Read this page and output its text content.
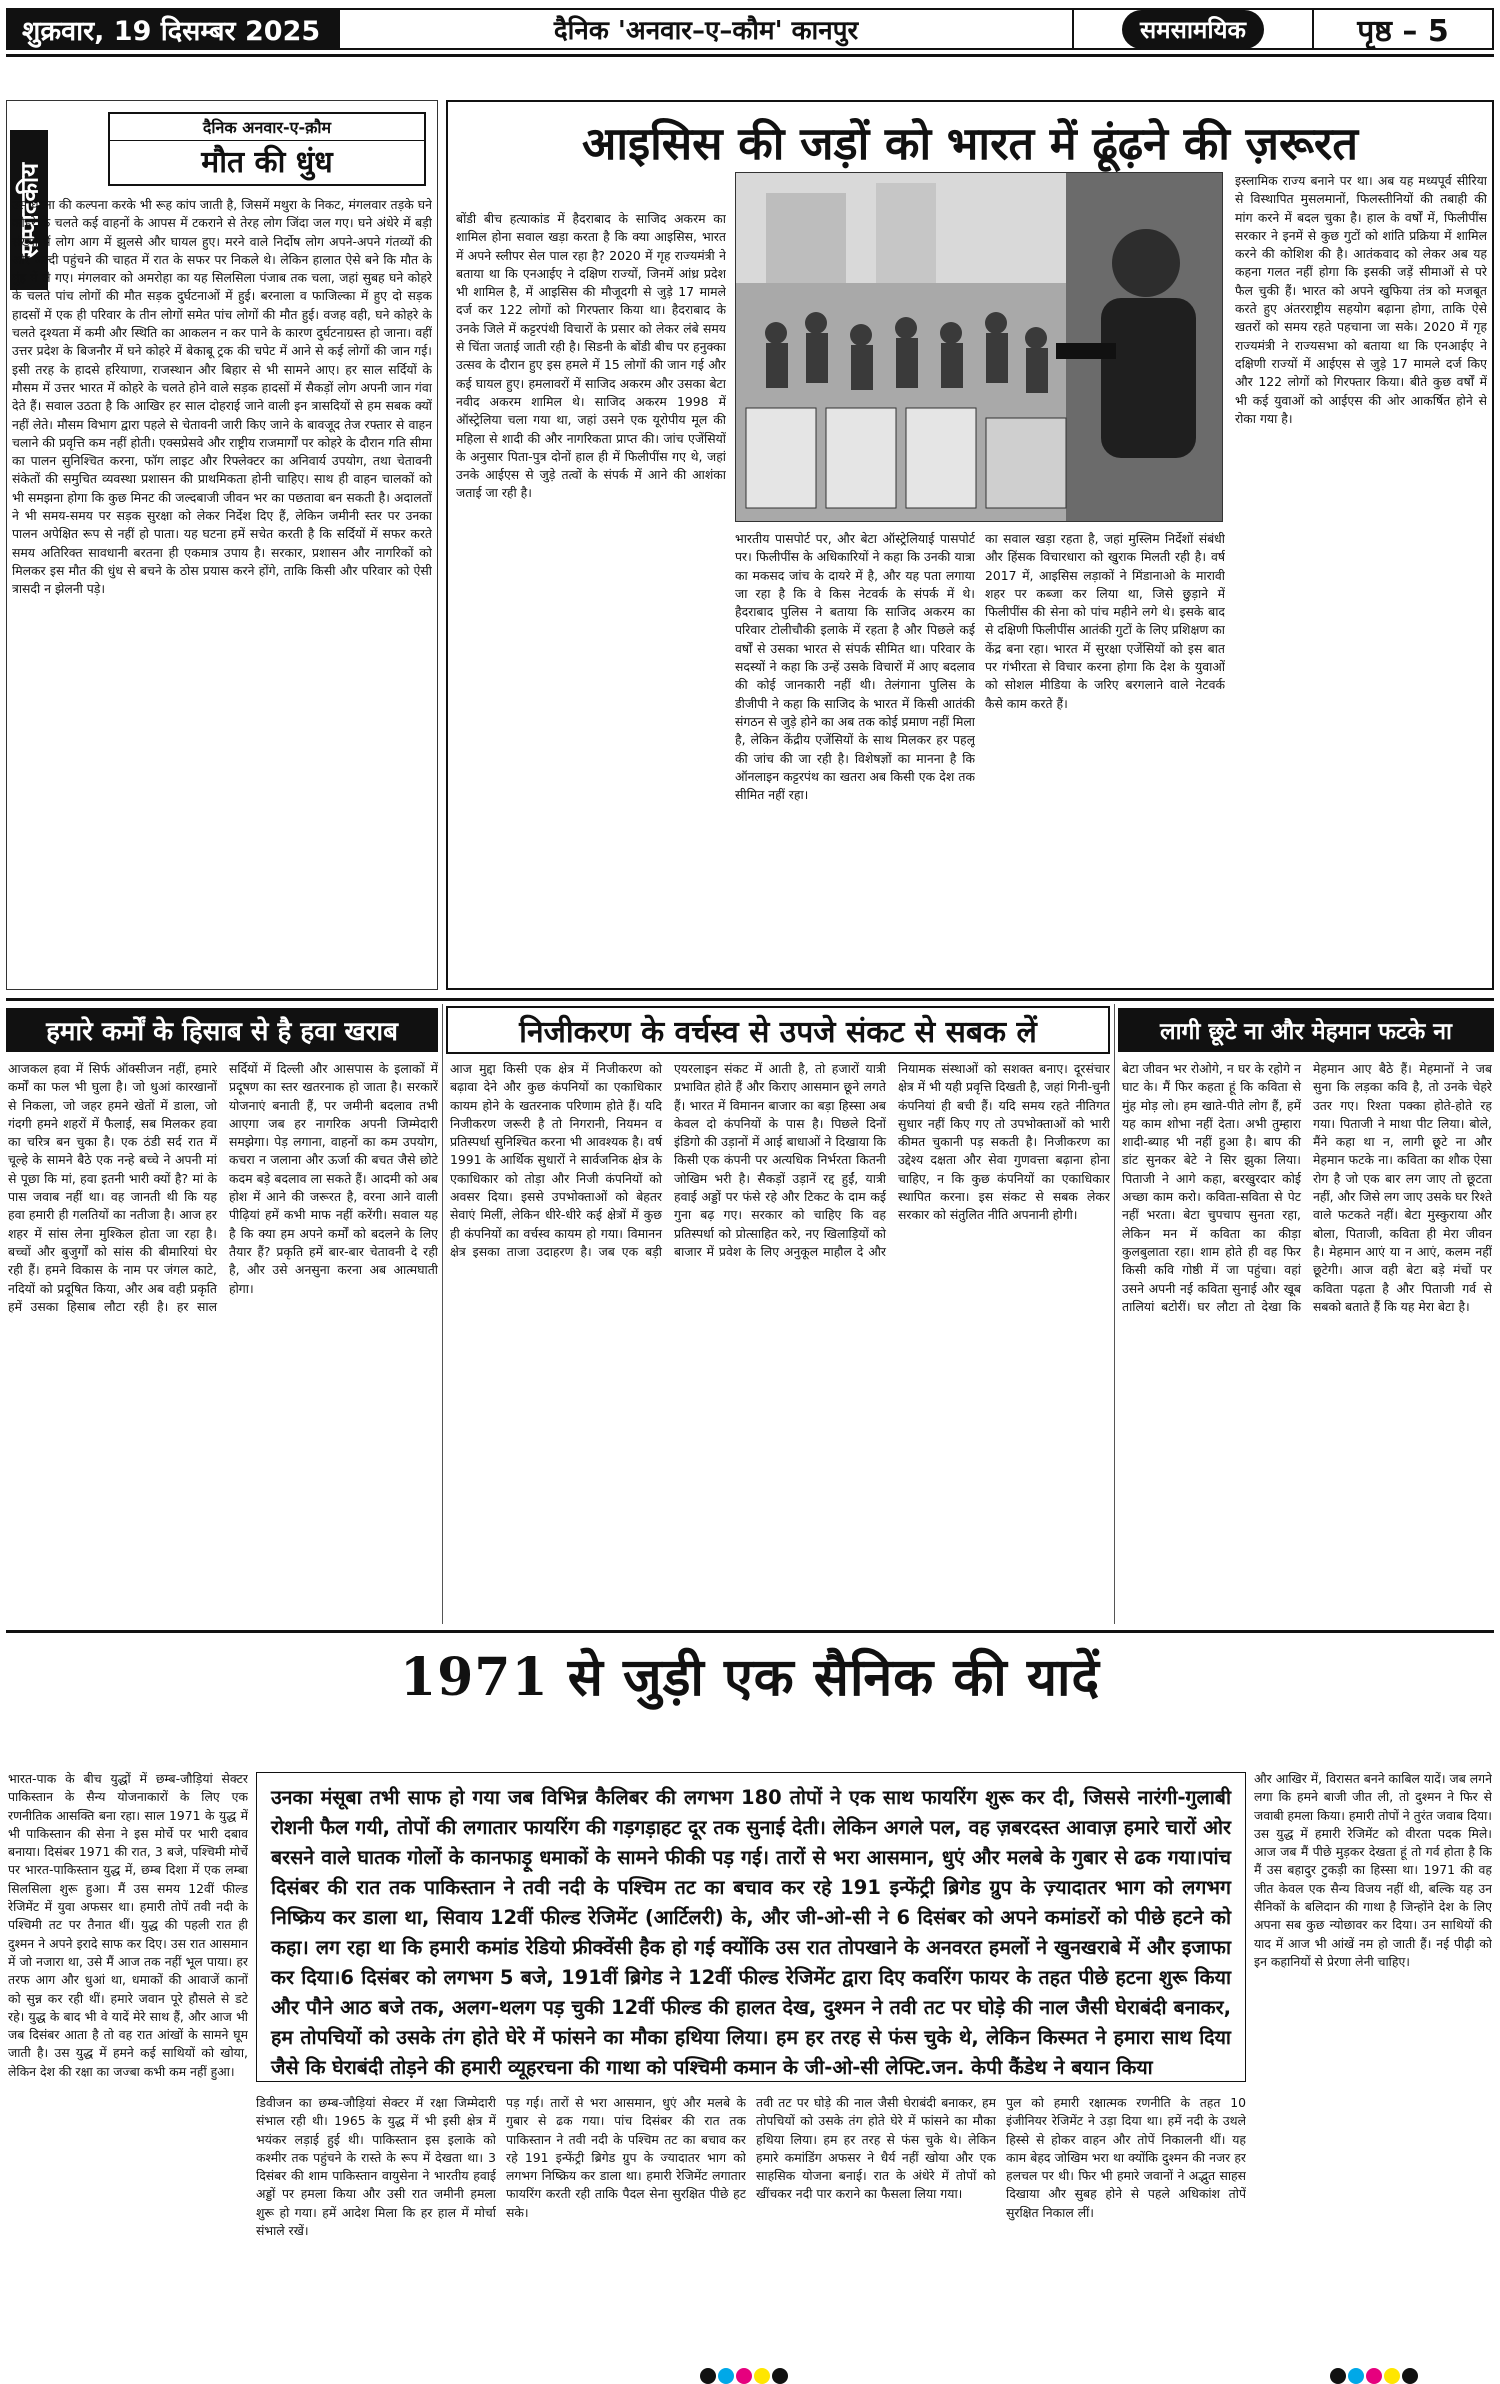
शुक्रवार, 19 दिसम्बर 2025	दैनिक 'अनवार–ए–कौम' कानपुर	समसामयिक	पृष्ठ – 5
सम्पादकीय
दैनिक अनवार-ए-क़ौम
मौत की धुंध
उस घटना की कल्पना करके भी रूह कांप जाती है, जिसमें मथुरा के निकट, मंगलवार तड़के घने कोहरे के चलते कई वाहनों के आपस में टकराने से तेरह लोग जिंदा जल गए। घने अंधेरे में बड़ी संख्या में लोग आग में झुलसे और घायल हुए। मरने वाले निर्दोष लोग अपने-अपने गंतव्यों की ओर जल्दी पहुंचने की चाहत में रात के सफर पर निकले थे। लेकिन हालात ऐसे बने कि मौत के मुंह में ले गए। मंगलवार को अमरोहा का यह सिलसिला पंजाब तक चला, जहां सुबह घने कोहरे के चलते पांच लोगों की मौत सड़क दुर्घटनाओं में हुई। बरनाला व फाजिल्का में हुए दो सड़क हादसों में एक ही परिवार के तीन लोगों समेत पांच लोगों की मौत हुई। वजह वही, घने कोहरे के चलते दृश्यता में कमी और स्थिति का आकलन न कर पाने के कारण दुर्घटनाग्रस्त हो जाना। वहीं उत्तर प्रदेश के बिजनौर में घने कोहरे में बेकाबू ट्रक की चपेट में आने से कई लोगों की जान गई। इसी तरह के हादसे हरियाणा, राजस्थान और बिहार से भी सामने आए। हर साल सर्दियों के मौसम में उत्तर भारत में कोहरे के चलते होने वाले सड़क हादसों में सैकड़ों लोग अपनी जान गंवा देते हैं। सवाल उठता है कि आखिर हर साल दोहराई जाने वाली इन त्रासदियों से हम सबक क्यों नहीं लेते। मौसम विभाग द्वारा पहले से चेतावनी जारी किए जाने के बावजूद तेज रफ्तार से वाहन चलाने की प्रवृत्ति कम नहीं होती। एक्सप्रेसवे और राष्ट्रीय राजमार्गों पर कोहरे के दौरान गति सीमा का पालन सुनिश्चित करना, फॉग लाइट और रिफ्लेक्टर का अनिवार्य उपयोग, तथा चेतावनी संकेतों की समुचित व्यवस्था प्रशासन की प्राथमिकता होनी चाहिए। साथ ही वाहन चालकों को भी समझना होगा कि कुछ मिनट की जल्दबाजी जीवन भर का पछतावा बन सकती है। अदालतों ने भी समय-समय पर सड़क सुरक्षा को लेकर निर्देश दिए हैं, लेकिन जमीनी स्तर पर उनका पालन अपेक्षित रूप से नहीं हो पाता। यह घटना हमें सचेत करती है कि सर्दियों में सफर करते समय अतिरिक्त सावधानी बरतना ही एकमात्र उपाय है। सरकार, प्रशासन और नागरिकों को मिलकर इस मौत की धुंध से बचने के ठोस प्रयास करने होंगे, ताकि किसी और परिवार को ऐसी त्रासदी न झेलनी पड़े।
आइसिस की जड़ों को भारत में ढूंढ़ने की ज़रूरत
बोंडी बीच हत्याकांड में हैदराबाद के साजिद अकरम का शामिल होना सवाल खड़ा करता है कि क्या आइसिस, भारत में अपने स्लीपर सेल पाल रहा है? 2020 में गृह राज्यमंत्री ने बताया था कि एनआईए ने दक्षिण राज्यों, जिनमें आंध्र प्रदेश भी शामिल है, में आइसिस की मौजूदगी से जुड़े 17 मामले दर्ज कर 122 लोगों को गिरफ्तार किया था। हैदराबाद के उनके जिले में कट्टरपंथी विचारों के प्रसार को लेकर लंबे समय से चिंता जताई जाती रही है। सिडनी के बोंडी बीच पर हनुक्का उत्सव के दौरान हुए इस हमले में 15 लोगों की जान गई और कई घायल हुए। हमलावरों में साजिद अकरम और उसका बेटा नवीद अकरम शामिल थे। साजिद अकरम 1998 में ऑस्ट्रेलिया चला गया था, जहां उसने एक यूरोपीय मूल की महिला से शादी की और नागरिकता प्राप्त की। जांच एजेंसियों के अनुसार पिता-पुत्र दोनों हाल ही में फिलीपींस गए थे, जहां उनके आईएस से जुड़े तत्वों के संपर्क में आने की आशंका जताई जा रही है।
भारतीय पासपोर्ट पर, और बेटा ऑस्ट्रेलियाई पासपोर्ट पर। फिलीपींस के अधिकारियों ने कहा कि उनकी यात्रा का मकसद जांच के दायरे में है, और यह पता लगाया जा रहा है कि वे किस नेटवर्क के संपर्क में थे। हैदराबाद पुलिस ने बताया कि साजिद अकरम का परिवार टोलीचौकी इलाके में रहता है और पिछले कई वर्षों से उसका भारत से संपर्क सीमित था। परिवार के सदस्यों ने कहा कि उन्हें उसके विचारों में आए बदलाव की कोई जानकारी नहीं थी। तेलंगाना पुलिस के डीजीपी ने कहा कि साजिद के भारत में किसी आतंकी संगठन से जुड़े होने का अब तक कोई प्रमाण नहीं मिला है, लेकिन केंद्रीय एजेंसियों के साथ मिलकर हर पहलू की जांच की जा रही है। विशेषज्ञों का मानना है कि ऑनलाइन कट्टरपंथ का खतरा अब किसी एक देश तक सीमित नहीं रहा।
का सवाल खड़ा रहता है, जहां मुस्लिम निर्देशों संबंधी और हिंसक विचारधारा को खुराक मिलती रही है। वर्ष 2017 में, आइसिस लड़ाकों ने मिंडानाओ के मारावी शहर पर कब्जा कर लिया था, जिसे छुड़ाने में फिलीपींस की सेना को पांच महीने लगे थे। इसके बाद से दक्षिणी फिलीपींस आतंकी गुटों के लिए प्रशिक्षण का केंद्र बना रहा। भारत में सुरक्षा एजेंसियों को इस बात पर गंभीरता से विचार करना होगा कि देश के युवाओं को सोशल मीडिया के जरिए बरगलाने वाले नेटवर्क कैसे काम करते हैं।
इस्लामिक राज्य बनाने पर था। अब यह मध्यपूर्व सीरिया से विस्थापित मुसलमानों, फिलस्तीनियों की तबाही की मांग करने में बदल चुका है। हाल के वर्षों में, फिलीपींस सरकार ने इनमें से कुछ गुटों को शांति प्रक्रिया में शामिल करने की कोशिश की है। आतंकवाद को लेकर अब यह कहना गलत नहीं होगा कि इसकी जड़ें सीमाओं से परे फैल चुकी हैं। भारत को अपने खुफिया तंत्र को मजबूत करते हुए अंतरराष्ट्रीय सहयोग बढ़ाना होगा, ताकि ऐसे खतरों को समय रहते पहचाना जा सके। 2020 में गृह राज्यमंत्री ने राज्यसभा को बताया था कि एनआईए ने दक्षिणी राज्यों में आईएस से जुड़े 17 मामले दर्ज किए और 122 लोगों को गिरफ्तार किया। बीते कुछ वर्षों में भी कई युवाओं को आईएस की ओर आकर्षित होने से रोका गया है।
हमारे कर्मों के हिसाब से है हवा खराब	निजीकरण के वर्चस्व से उपजे संकट से सबक लें	लागी छूटे ना और मेहमान फटके ना
आजकल हवा में सिर्फ ऑक्सीजन नहीं, हमारे कर्मों का फल भी घुला है। जो धुआं कारखानों से निकला, जो जहर हमने खेतों में डाला, जो गंदगी हमने शहरों में फैलाई, सब मिलकर हवा का चरित्र बन चुका है। एक ठंडी सर्द रात में चूल्हे के सामने बैठे एक नन्हे बच्चे ने अपनी मां से पूछा कि मां, हवा इतनी भारी क्यों है? मां के पास जवाब नहीं था। वह जानती थी कि यह हवा हमारी ही गलतियों का नतीजा है। आज हर शहर में सांस लेना मुश्किल होता जा रहा है। बच्चों और बुजुर्गों को सांस की बीमारियां घेर रही हैं। हमने विकास के नाम पर जंगल काटे, नदियों को प्रदूषित किया, और अब वही प्रकृति हमें उसका हिसाब लौटा रही है। हर साल सर्दियों में दिल्ली और आसपास के इलाकों में प्रदूषण का स्तर खतरनाक हो जाता है। सरकारें योजनाएं बनाती हैं, पर जमीनी बदलाव तभी आएगा जब हर नागरिक अपनी जिम्मेदारी समझेगा। पेड़ लगाना, वाहनों का कम उपयोग, कचरा न जलाना और ऊर्जा की बचत जैसे छोटे कदम बड़े बदलाव ला सकते हैं। आदमी को अब होश में आने की जरूरत है, वरना आने वाली पीढ़ियां हमें कभी माफ नहीं करेंगी। सवाल यह है कि क्या हम अपने कर्मों को बदलने के लिए तैयार हैं? प्रकृति हमें बार-बार चेतावनी दे रही है, और उसे अनसुना करना अब आत्मघाती होगा।
आज मुद्दा किसी एक क्षेत्र में निजीकरण को बढ़ावा देने और कुछ कंपनियों का एकाधिकार कायम होने के खतरनाक परिणाम होते हैं। यदि निजीकरण जरूरी है तो निगरानी, नियमन व प्रतिस्पर्धा सुनिश्चित करना भी आवश्यक है। वर्ष 1991 के आर्थिक सुधारों ने सार्वजनिक क्षेत्र के एकाधिकार को तोड़ा और निजी कंपनियों को अवसर दिया। इससे उपभोक्ताओं को बेहतर सेवाएं मिलीं, लेकिन धीरे-धीरे कई क्षेत्रों में कुछ ही कंपनियों का वर्चस्व कायम हो गया। विमानन क्षेत्र इसका ताजा उदाहरण है। जब एक बड़ी एयरलाइन संकट में आती है, तो हजारों यात्री प्रभावित होते हैं और किराए आसमान छूने लगते हैं। भारत में विमानन बाजार का बड़ा हिस्सा अब केवल दो कंपनियों के पास है। पिछले दिनों इंडिगो की उड़ानों में आई बाधाओं ने दिखाया कि किसी एक कंपनी पर अत्यधिक निर्भरता कितनी जोखिम भरी है। सैकड़ों उड़ानें रद्द हुईं, यात्री हवाई अड्डों पर फंसे रहे और टिकट के दाम कई गुना बढ़ गए। सरकार को चाहिए कि वह प्रतिस्पर्धा को प्रोत्साहित करे, नए खिलाड़ियों को बाजार में प्रवेश के लिए अनुकूल माहौल दे और नियामक संस्थाओं को सशक्त बनाए। दूरसंचार क्षेत्र में भी यही प्रवृत्ति दिखती है, जहां गिनी-चुनी कंपनियां ही बची हैं। यदि समय रहते नीतिगत सुधार नहीं किए गए तो उपभोक्ताओं को भारी कीमत चुकानी पड़ सकती है। निजीकरण का उद्देश्य दक्षता और सेवा गुणवत्ता बढ़ाना होना चाहिए, न कि कुछ कंपनियों का एकाधिकार स्थापित करना। इस संकट से सबक लेकर सरकार को संतुलित नीति अपनानी होगी।
बेटा जीवन भर रोओगे, न घर के रहोगे न घाट के। मैं फिर कहता हूं कि कविता से मुंह मोड़ लो। हम खाते-पीते लोग हैं, हमें यह काम शोभा नहीं देता। अभी तुम्हारा शादी-ब्याह भी नहीं हुआ है। बाप की डांट सुनकर बेटे ने सिर झुका लिया। पिताजी ने आगे कहा, बरखुरदार कोई अच्छा काम करो। कविता-सविता से पेट नहीं भरता। बेटा चुपचाप सुनता रहा, लेकिन मन में कविता का कीड़ा कुलबुलाता रहा। शाम होते ही वह फिर किसी कवि गोष्ठी में जा पहुंचा। वहां उसने अपनी नई कविता सुनाई और खूब तालियां बटोरीं। घर लौटा तो देखा कि मेहमान आए बैठे हैं। मेहमानों ने जब सुना कि लड़का कवि है, तो उनके चेहरे उतर गए। रिश्ता पक्का होते-होते रह गया। पिताजी ने माथा पीट लिया। बोले, मैंने कहा था न, लागी छूटे ना और मेहमान फटके ना। कविता का शौक ऐसा रोग है जो एक बार लग जाए तो छूटता नहीं, और जिसे लग जाए उसके घर रिश्ते वाले फटकते नहीं। बेटा मुस्कुराया और बोला, पिताजी, कविता ही मेरा जीवन है। मेहमान आएं या न आएं, कलम नहीं छूटेगी। आज वही बेटा बड़े मंचों पर कविता पढ़ता है और पिताजी गर्व से सबको बताते हैं कि यह मेरा बेटा है।
1971 से जुड़ी एक सैनिक की यादें
भारत-पाक के बीच युद्धों में छम्ब-जौड़ियां सेक्टर पाकिस्तान के सैन्य योजनाकारों के लिए एक रणनीतिक आसक्ति बना रहा। साल 1971 के युद्ध में भी पाकिस्तान की सेना ने इस मोर्चे पर भारी दबाव बनाया। दिसंबर 1971 की रात, 3 बजे, पश्चिमी मोर्चे पर भारत-पाकिस्तान युद्ध में, छम्ब दिशा में एक लम्बा सिलसिला शुरू हुआ। मैं उस समय 12वीं फील्ड रेजिमेंट में युवा अफसर था। हमारी तोपें तवी नदी के पश्चिमी तट पर तैनात थीं। युद्ध की पहली रात ही दुश्मन ने अपने इरादे साफ कर दिए। उस रात आसमान में जो नजारा था, उसे मैं आज तक नहीं भूल पाया। हर तरफ आग और धुआं था, धमाकों की आवाजें कानों को सुन्न कर रही थीं। हमारे जवान पूरे हौसले से डटे रहे। युद्ध के बाद भी वे यादें मेरे साथ हैं, और आज भी जब दिसंबर आता है तो वह रात आंखों के सामने घूम जाती है। उस युद्ध में हमने कई साथियों को खोया, लेकिन देश की रक्षा का जज्बा कभी कम नहीं हुआ।
उनका मंसूबा तभी साफ हो गया जब विभिन्न कैलिबर की लगभग 180 तोपों ने एक साथ फायरिंग शुरू कर दी, जिससे नारंगी-गुलाबी रोशनी फैल गयी, तोपों की लगातार फायरिंग की गड़गड़ाहट दूर तक सुनाई देती। लेकिन अगले पल, वह ज़बरदस्त आवाज़ हमारे चारों ओर बरसने वाले घातक गोलों के कानफाड़ू धमाकों के सामने फीकी पड़ गई। तारों से भरा आसमान, धुएं और मलबे के गुबार से ढक गया।पांच दिसंबर की रात तक पाकिस्तान ने तवी नदी के पश्चिम तट का बचाव कर रहे 191 इन्फेंट्री ब्रिगेड ग्रुप के ज़्यादातर भाग को लगभग निष्क्रिय कर डाला था, सिवाय 12वीं फील्ड रेजिमेंट (आर्टिलरी) के, और जी-ओ-सी ने 6 दिसंबर को अपने कमांडरों को पीछे हटने को कहा। लग रहा था कि हमारी कमांड रेडियो फ्रीक्वेंसी हैक हो गई क्योंकि उस रात तोपखाने के अनवरत हमलों ने खुनखराबे में और इजाफा कर दिया।6 दिसंबर को लगभग 5 बजे, 191वीं ब्रिगेड ने 12वीं फील्ड रेजिमेंट द्वारा दिए कवरिंग फायर के तहत पीछे हटना शुरू किया और पौने आठ बजे तक, अलग-थलग पड़ चुकी 12वीं फील्ड की हालत देख, दुश्मन ने तवी तट पर घोड़े की नाल जैसी घेराबंदी बनाकर, हम तोपचियों को उसके तंग होते घेरे में फांसने का मौका हथिया लिया। हम हर तरह से फंस चुके थे, लेकिन किस्मत ने हमारा साथ दिया जैसे कि घेराबंदी तोड़ने की हमारी व्यूहरचना की गाथा को पश्चिमी कमान के जी-ओ-सी लेफ्टि.जन. केपी कैंडेथ ने बयान किया
और आखिर में, विरासत बनने काबिल यादें। जब लगने लगा कि हमने बाजी जीत ली, तो दुश्मन ने फिर से जवाबी हमला किया। हमारी तोपों ने तुरंत जवाब दिया। उस युद्ध में हमारी रेजिमेंट को वीरता पदक मिले। आज जब मैं पीछे मुड़कर देखता हूं तो गर्व होता है कि मैं उस बहादुर टुकड़ी का हिस्सा था। 1971 की वह जीत केवल एक सैन्य विजय नहीं थी, बल्कि यह उन सैनिकों के बलिदान की गाथा है जिन्होंने देश के लिए अपना सब कुछ न्योछावर कर दिया। उन साथियों की याद में आज भी आंखें नम हो जाती हैं। नई पीढ़ी को इन कहानियों से प्रेरणा लेनी चाहिए।
डिवीजन का छम्ब-जौड़ियां सेक्टर में रक्षा जिम्मेदारी संभाल रही थी। 1965 के युद्ध में भी इसी क्षेत्र में भयंकर लड़ाई हुई थी। पाकिस्तान इस इलाके को कश्मीर तक पहुंचने के रास्ते के रूप में देखता था। 3 दिसंबर की शाम पाकिस्तान वायुसेना ने भारतीय हवाई अड्डों पर हमला किया और उसी रात जमीनी हमला शुरू हो गया। हमें आदेश मिला कि हर हाल में मोर्चा संभाले रखें।
पड़ गई। तारों से भरा आसमान, धुएं और मलबे के गुबार से ढक गया। पांच दिसंबर की रात तक पाकिस्तान ने तवी नदी के पश्चिम तट का बचाव कर रहे 191 इन्फेंट्री ब्रिगेड ग्रुप के ज्यादातर भाग को लगभग निष्क्रिय कर डाला था। हमारी रेजिमेंट लगातार फायरिंग करती रही ताकि पैदल सेना सुरक्षित पीछे हट सके।
तवी तट पर घोड़े की नाल जैसी घेराबंदी बनाकर, हम तोपचियों को उसके तंग होते घेरे में फांसने का मौका हथिया लिया। हम हर तरह से फंस चुके थे। लेकिन हमारे कमांडिंग अफसर ने धैर्य नहीं खोया और एक साहसिक योजना बनाई। रात के अंधेरे में तोपों को खींचकर नदी पार कराने का फैसला लिया गया।
पुल को हमारी रक्षात्मक रणनीति के तहत 10 इंजीनियर रेजिमेंट ने उड़ा दिया था। हमें नदी के उथले हिस्से से होकर वाहन और तोपें निकालनी थीं। यह काम बेहद जोखिम भरा था क्योंकि दुश्मन की नजर हर हलचल पर थी। फिर भी हमारे जवानों ने अद्भुत साहस दिखाया और सुबह होने से पहले अधिकांश तोपें सुरक्षित निकाल लीं।
